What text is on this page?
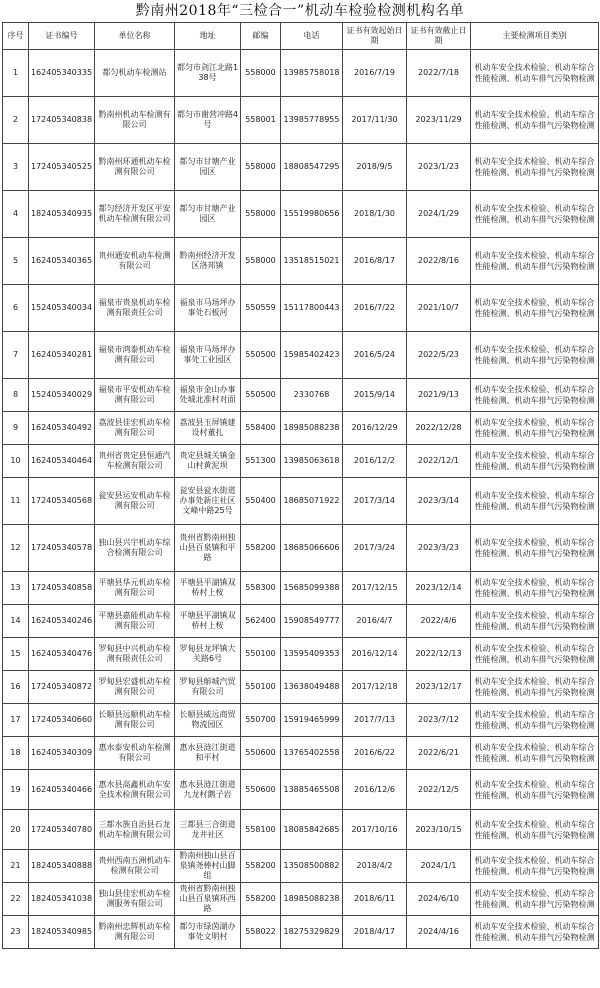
黔南州2018年“三检合一”机动车检验检测机构名单
序号	证书编号	单位名称	地址	邮编	电话	证书有效起始日期	证书有效截止日期	主要检测项目类别
1	162405340335	都匀机动车检测站	都匀市剑江北路138号	558000	13985758018	2016/7/19	2022/7/18	机动车安全技术检验、机动车综合性能检测、机动车排气污染物检测
2	172405340838	黔南州机动车检测有限公司	都匀市谢营冲路4号	558001	13985778955	2017/11/30	2023/11/29	机动车安全技术检验、机动车综合性能检测、机动车排气污染物检测
3	172405340525	黔南州环通机动车检测有限公司	都匀市甘塘产业园区	558000	18808547295	2018/9/5	2023/1/23	机动车安全技术检验、机动车综合性能检测、机动车排气污染物检测
4	182405340935	都匀经济开发区平安机动车检测有限公司	都匀市甘塘产业园区	558000	15519980656	2018/1/30	2024/1/29	机动车安全技术检验、机动车综合性能检测、机动车排气污染物检测
5	162405340365	贵州通安机动车检测有限公司	黔南州经济开发区洛邦镇	558000	13518515021	2016/8/17	2022/8/16	机动车安全技术检验、机动车综合性能检测、机动车排气污染物检测
6	152405340034	福泉市贵泉机动车检测有限责任公司	福泉市马场坪办事处石板河	550559	15117800443	2016/7/22	2021/10/7	机动车安全技术检验、机动车综合性能检测、机动车排气污染物检测
7	162405340281	福泉市鸿泰机动车检测有限公司	福泉市马场坪办事处工业园区	550500	15985402423	2016/5/24	2022/5/23	机动车安全技术检验、机动车综合性能检测、机动车排气污染物检测
8	152405340029	福泉市平安机动车检测有限公司	福泉市金山办事处城北准村对面	550500	2330768	2015/9/14	2021/9/13	机动车安全技术检验、机动车综合性能检测、机动车排气污染物检测
9	162405340492	荔波县佳宏机动车检测有限公司	荔波县玉屏镇建设村董扎	558400	18985088238	2016/12/29	2022/12/28	机动车安全技术检验、机动车综合性能检测、机动车排气污染物检测
10	162405340464	贵州省贵定县恒通汽车检测有限公司	贵定县城关镇金山村黄泥坝	551300	13985063618	2016/12/2	2022/12/1	机动车安全技术检验、机动车综合性能检测、机动车排气污染物检测
11	172405340568	瓮安县运安机动车检测有限公司	瓮安县瓮水街道办事处新庄社区文峰中路25号	550400	18685071922	2017/3/14	2023/3/14	机动车安全技术检验、机动车综合性能检测、机动车排气污染物检测
12	172405340578	独山县兴宇机动车综合检测有限公司	贵州省黔南州独山县百泉镇和平路	558200	18685066606	2017/3/24	2023/3/23	机动车安全技术检验、机动车综合性能检测、机动车排气污染物检测
13	172405340858	平塘县华元机动车检测有限公司	平塘县平湖镇双桥村上桉	558300	15685099388	2017/12/15	2023/12/14	机动车安全技术检验、机动车综合性能检测、机动车排气污染物检测
14	162405340246	平塘县嘉能机动车检测有限公司	平塘县平湖镇双桥村上桉	562400	15908549777	2016/4/7	2022/4/6	机动车安全技术检验、机动车综合性能检测、机动车排气污染物检测
15	162405340476	罗甸县中兴机动车检测有限责任公司	罗甸县龙坪镇大关路6号	550100	13595409353	2016/12/14	2022/12/13	机动车安全技术检验、机动车综合性能检测、机动车排气污染物检测
16	172405340872	罗甸县宏盛机动车检测有限公司	罗甸县斛城汽贸有限公司	550100	13638049488	2017/12/18	2023/12/17	机动车安全技术检验、机动车综合性能检测、机动车排气污染物检测
17	172405340660	长顺县远顺机动车检测有限公司	长顺县威远商贸物流园区	550700	15919465999	2017/7/13	2023/7/12	机动车安全技术检验、机动车综合性能检测、机动车排气污染物检测
18	162405340309	惠水泰安机动车检测有限公司	惠水县涟江街道和平村	550600	13765402558	2016/6/22	2022/6/21	机动车安全技术检验、机动车综合性能检测、机动车排气污染物检测
19	162405340466	惠水县高鑫机动车安全技术检测有限公司	惠水县涟江街道九龙村鹅子岩	550600	13885465508	2016/12/6	2022/12/5	机动车安全技术检验、机动车综合性能检测、机动车排气污染物检测
20	172405340780	三都水族自治县石龙机动车检测有限公司	三都县三合街道龙井社区	558100	18085842685	2017/10/16	2023/10/15	机动车安全技术检验、机动车综合性能检测、机动车排气污染物检测
21	182405340888	贵州西南五洲机动车检测有限公司	黔南州独山县百泉镇尧棒村山脚组	558200	13508500882	2018/4/2	2024/1/1	机动车安全技术检验、机动车综合性能检测、机动车排气污染物检测
22	182405341038	独山县佳宏机动车检测服务有限公司	贵州省黔南州独山县百泉镇环西路	558200	18985088238	2018/6/11	2024/6/10	机动车安全技术检验、机动车综合性能检测、机动车排气污染物检测
23	182405340985	黔南州忠辉机动车检测有限公司	都匀市绿茵湖办事处文明村	558022	18275329829	2018/4/17	2024/4/16	机动车安全技术检验、机动车综合性能检测、机动车排气污染物检测
